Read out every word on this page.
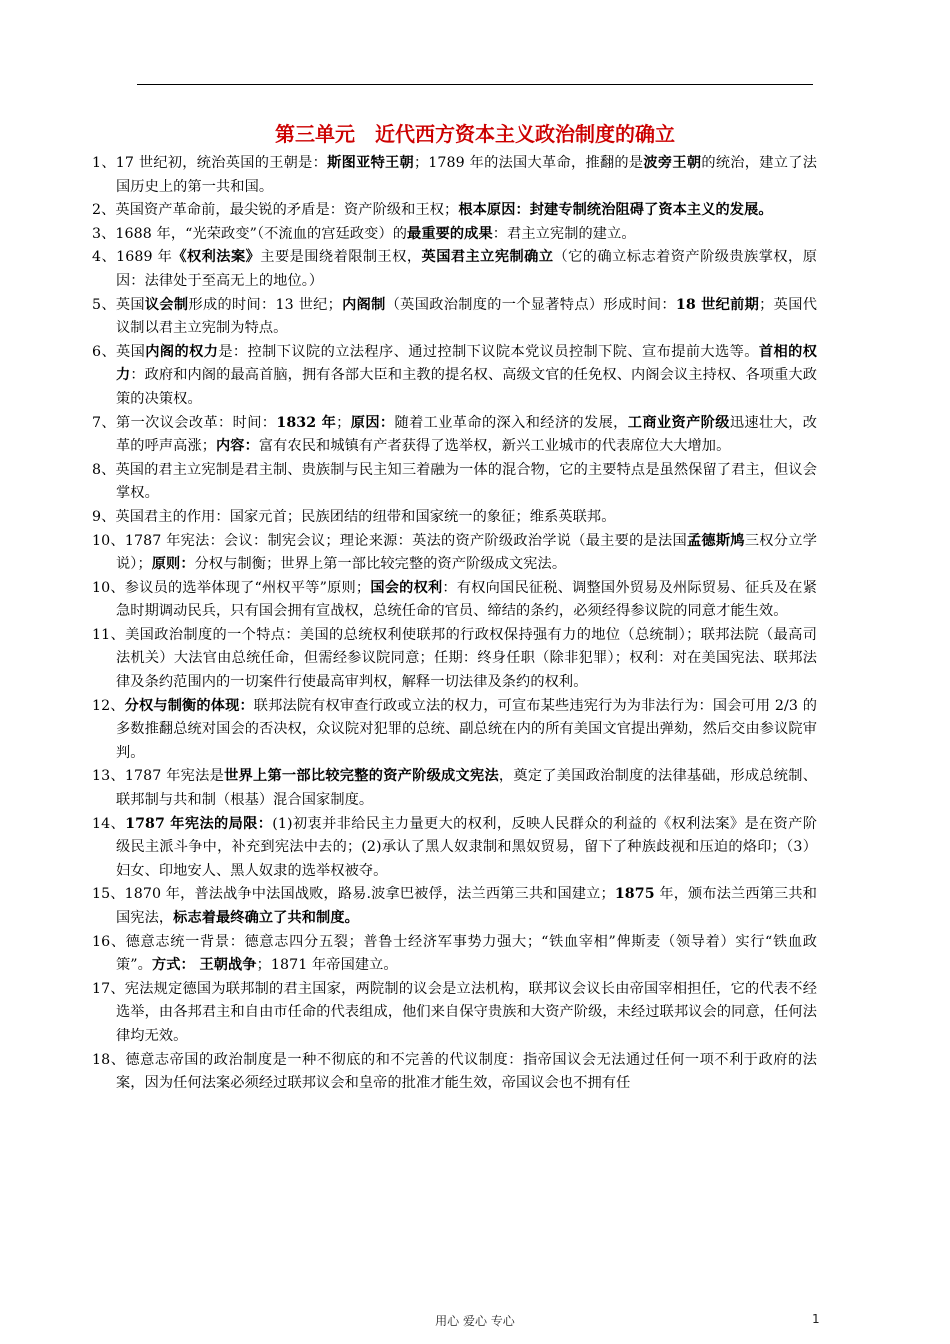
第三单元　近代西方资本主义政治制度的确立

1、17 世纪初，统治英国的王朝是：斯图亚特王朝；1789 年的法国大革命，推翻的是波旁王朝的统治，建立了法国历史上的第一共和国。

2、英国资产革命前，最尖锐的矛盾是：资产阶级和王权；根本原因：封建专制统治阻碍了资本主义的发展。

3、1688 年，“光荣政变”（不流血的宫廷政变）的最重要的成果：君主立宪制的建立。

4、1689 年《权利法案》主要是围绕着限制王权，英国君主立宪制确立（它的确立标志着资产阶级贵族掌权，原因：法律处于至高无上的地位。）

5、英国议会制形成的时间：13 世纪；内阁制（英国政治制度的一个显著特点）形成时间：18 世纪前期；英国代议制以君主立宪制为特点。

6、英国内阁的权力是：控制下议院的立法程序、通过控制下议院本党议员控制下院、宣布提前大选等。首相的权力：政府和内阁的最高首脑，拥有各部大臣和主教的提名权、高级文官的任免权、内阁会议主持权、各项重大政策的决策权。

7、第一次议会改革：时间：1832 年；原因：随着工业革命的深入和经济的发展，工商业资产阶级迅速壮大，改革的呼声高涨；内容：富有农民和城镇有产者获得了选举权，新兴工业城市的代表席位大大增加。

8、英国的君主立宪制是君主制、贵族制与民主知三着融为一体的混合物，它的主要特点是虽然保留了君主，但议会掌权。

9、英国君主的作用：国家元首；民族团结的纽带和国家统一的象征；维系英联邦。

10、1787 年宪法：会议：制宪会议；理论来源：英法的资产阶级政治学说（最主要的是法国孟德斯鸠三权分立学说）；原则：分权与制衡；世界上第一部比较完整的资产阶级成文宪法。

10、参议员的选举体现了“州权平等”原则；国会的权利：有权向国民征税、调整国外贸易及州际贸易、征兵及在紧急时期调动民兵，只有国会拥有宣战权，总统任命的官员、缔结的条约，必须经得参议院的同意才能生效。

11、美国政治制度的一个特点：美国的总统权利使联邦的行政权保持强有力的地位（总统制）；联邦法院（最高司法机关）大法官由总统任命，但需经参议院同意；任期：终身任职（除非犯罪）；权利：对在美国宪法、联邦法律及条约范围内的一切案件行使最高审判权，解释一切法律及条约的权利。

12、分权与制衡的体现：联邦法院有权审查行政或立法的权力，可宣布某些违宪行为为非法行为：国会可用 2/3 的多数推翻总统对国会的否决权，众议院对犯罪的总统、副总统在内的所有美国文官提出弹劾，然后交由参议院审判。

13、1787 年宪法是世界上第一部比较完整的资产阶级成文宪法，奠定了美国政治制度的法律基础，形成总统制、联邦制与共和制（根基）混合国家制度。

14、1787 年宪法的局限：(1)初衷并非给民主力量更大的权利，反映人民群众的利益的《权利法案》是在资产阶级民主派斗争中，补充到宪法中去的；(2)承认了黑人奴隶制和黑奴贸易，留下了种族歧视和压迫的烙印；（3）妇女、印地安人、黑人奴隶的选举权被夺。

15、1870 年，普法战争中法国战败，路易.波拿巴被俘，法兰西第三共和国建立；1875 年，颁布法兰西第三共和国宪法，标志着最终确立了共和制度。

16、德意志统一背景：德意志四分五裂；普鲁士经济军事势力强大；“铁血宰相”俾斯麦（领导着）实行“铁血政策”。方式： 王朝战争；1871 年帝国建立。

17、宪法规定德国为联邦制的君主国家，两院制的议会是立法机构，联邦议会议长由帝国宰相担任，它的代表不经选举，由各邦君主和自由市任命的代表组成，他们来自保守贵族和大资产阶级，未经过联邦议会的同意，任何法律均无效。

18、德意志帝国的政治制度是一种不彻底的和不完善的代议制度：指帝国议会无法通过任何一项不利于政府的法案，因为任何法案必须经过联邦议会和皇帝的批准才能生效，帝国议会也不拥有任

用心 爱心 专心	1
